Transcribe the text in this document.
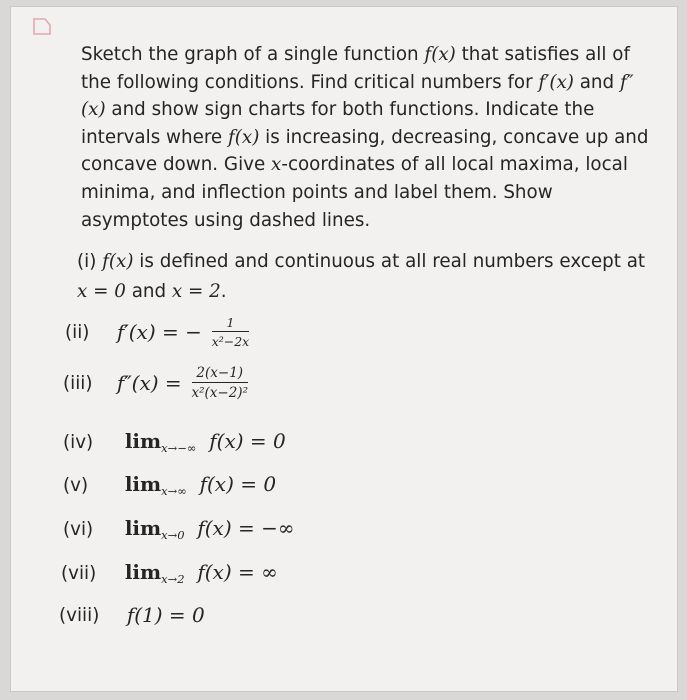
Sketch the graph of a single function f(x) that satisfies all of the following conditions. Find critical numbers for f′(x) and f″(x) and show sign charts for both functions. Indicate the intervals where f(x) is increasing, decreasing, concave up and concave down. Give x-coordinates of all local maxima, local minima, and inflection points and label them. Show asymptotes using dashed lines.

(i) f(x) is defined and continuous at all real numbers except at x = 0 and x = 2.
(ii) f′(x) = − $\frac{1}{\text{x²−2x}}$
(iii) $f''(x) = \frac{2(x-1)}{\text{x²(x−2)²}}$
(iv) $\lim_{x\to-\infty} f(x) = 0$
(v) $\lim_{x\to\infty} f(x) = 0$
(vi) $\lim_{x\to 0} f(x)$ = −∞
(vii) $\lim_{x\to 2} f(x)$ = ∞
(viii) f(1) = 0
